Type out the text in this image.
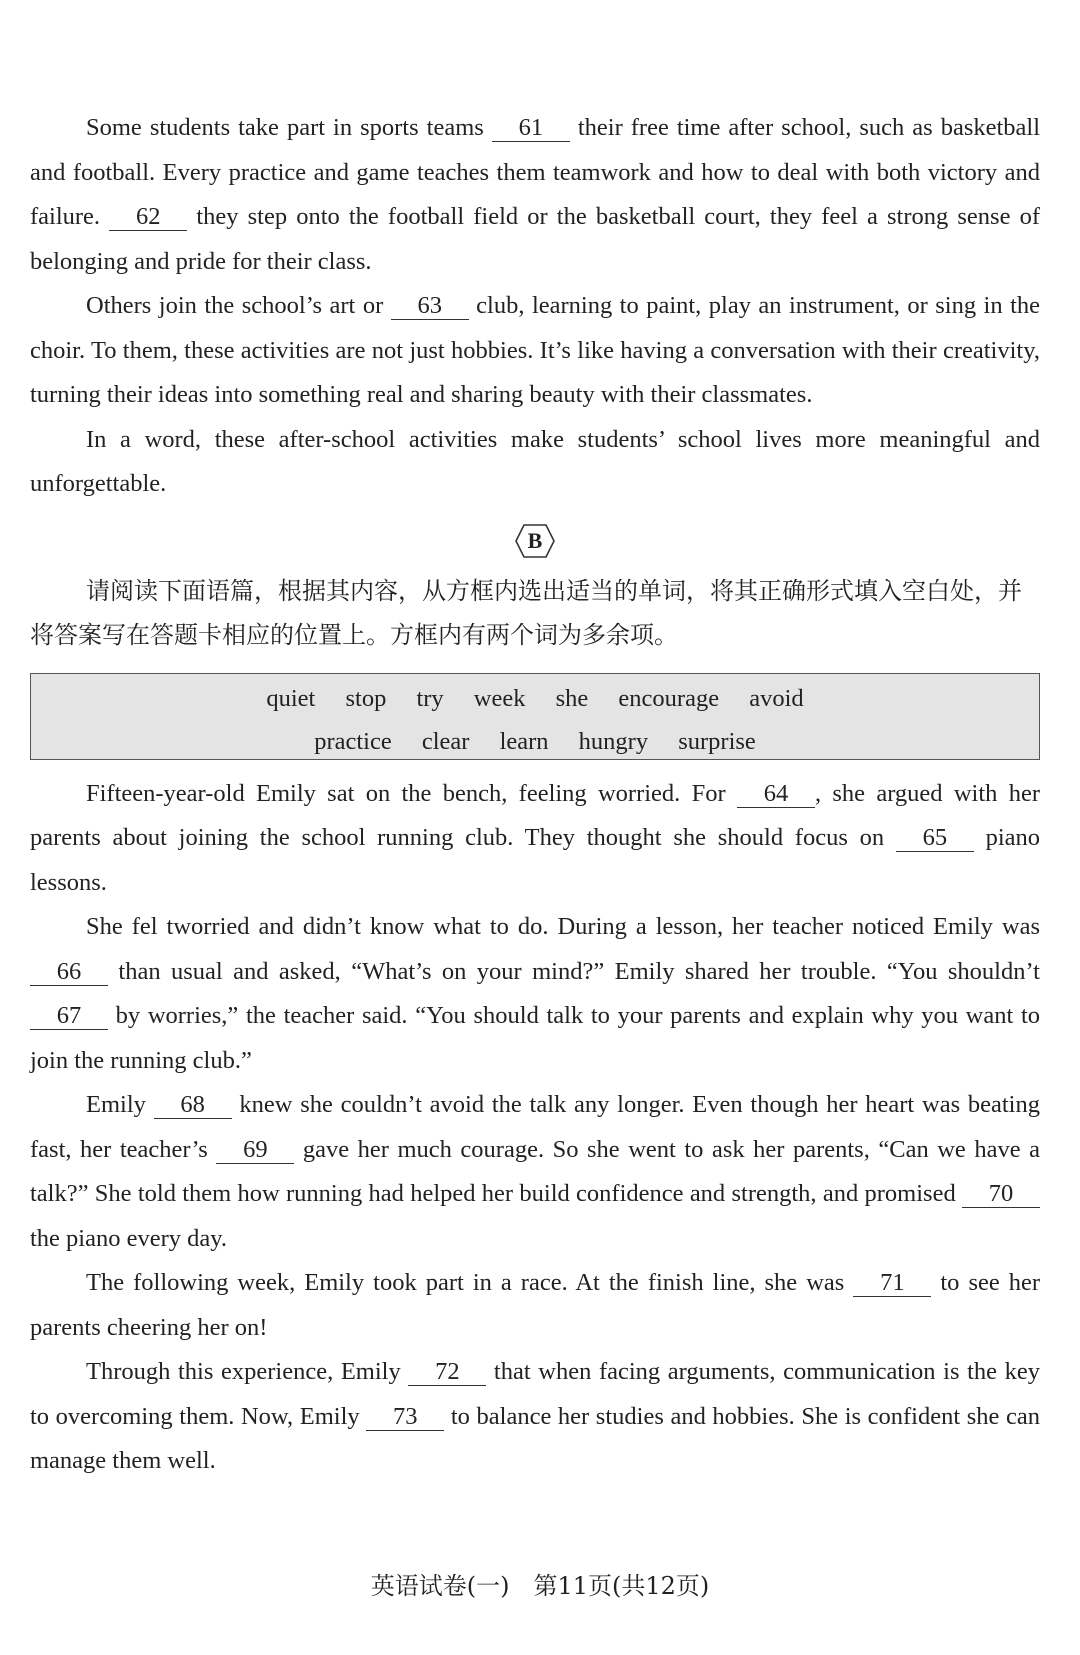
Some students take part in sports teams 61 their free time after school, such as basketball and football. Every practice and game teaches them teamwork and how to deal with both victory and failure. 62 they step onto the football field or the basketball court, they feel a strong sense of belonging and pride for their class.

Others join the school’s art or 63 club, learning to paint, play an instrument, or sing in the choir. To them, these activities are not just hobbies. It’s like having a conversation with their creativity, turning their ideas into something real and sharing beauty with their classmates.

In a word, these after-school activities make students’ school lives more meaningful and unforgettable.

B

请阅读下面语篇，根据其内容，从方框内选出适当的单词，将其正确形式填入空白处，并将答案写在答题卡相应的位置上。方框内有两个词为多余项。

quiet stop try week she encourage avoid
practice clear learn hungry surprise

Fifteen-year-old Emily sat on the bench, feeling worried. For 64 , she argued with her parents about joining the school running club. They thought she should focus on 65 piano lessons.

She fel tworried and didn’t know what to do. During a lesson, her teacher noticed Emily was 66 than usual and asked, “What’s on your mind?” Emily shared her trouble. “You shouldn’t 67 by worries,” the teacher said. “You should talk to your parents and explain why you want to join the running club.”

Emily 68 knew she couldn’t avoid the talk any longer. Even though her heart was beating fast, her teacher’s 69 gave her much courage. So she went to ask her parents, “Can we have a talk?” She told them how running had helped her build confidence and strength, and promised 70 the piano every day.

The following week, Emily took part in a race. At the finish line, she was 71 to see her parents cheering her on!

Through this experience, Emily 72 that when facing arguments, communication is the key to overcoming them. Now, Emily 73 to balance her studies and hobbies. She is confident she can manage them well.

英语试卷(一)　第11页(共12页)
